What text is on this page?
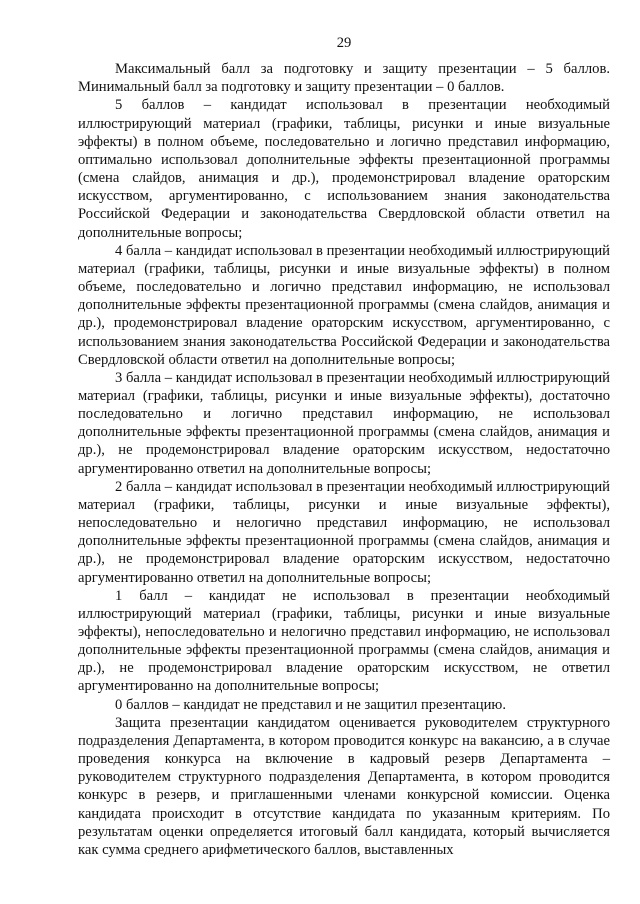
29

Максимальный балл за подготовку и защиту презентации – 5 баллов. Минимальный балл за подготовку и защиту презентации – 0 баллов.

5 баллов – кандидат использовал в презентации необходимый иллюстрирующий материал (графики, таблицы, рисунки и иные визуальные эффекты) в полном объеме, последовательно и логично представил информацию, оптимально использовал дополнительные эффекты презентационной программы (смена слайдов, анимация и др.), продемонстрировал владение ораторским искусством, аргументированно, с использованием знания законодательства Российской Федерации и законодательства Свердловской области ответил на дополнительные вопросы;

4 балла – кандидат использовал в презентации необходимый иллюстрирующий материал (графики, таблицы, рисунки и иные визуальные эффекты) в полном объеме, последовательно и логично представил информацию, не использовал дополнительные эффекты презентационной программы (смена слайдов, анимация и др.), продемонстрировал владение ораторским искусством, аргументированно, с использованием знания законодательства Российской Федерации и законодательства Свердловской области ответил на дополнительные вопросы;

3 балла – кандидат использовал в презентации необходимый иллюстрирующий материал (графики, таблицы, рисунки и иные визуальные эффекты), достаточно последовательно и логично представил информацию, не использовал дополнительные эффекты презентационной программы (смена слайдов, анимация и др.), не продемонстрировал владение ораторским искусством, недостаточно аргументированно ответил на дополнительные вопросы;

2 балла – кандидат использовал в презентации необходимый иллюстрирующий материал (графики, таблицы, рисунки и иные визуальные эффекты), непоследовательно и нелогично представил информацию, не использовал дополнительные эффекты презентационной программы (смена слайдов, анимация и др.), не продемонстрировал владение ораторским искусством, недостаточно аргументированно ответил на дополнительные вопросы;

1 балл – кандидат не использовал в презентации необходимый иллюстрирующий материал (графики, таблицы, рисунки и иные визуальные эффекты), непоследовательно и нелогично представил информацию, не использовал дополнительные эффекты презентационной программы (смена слайдов, анимация и др.), не продемонстрировал владение ораторским искусством, не ответил аргументированно на дополнительные вопросы;

0 баллов – кандидат не представил и не защитил презентацию.

Защита презентации кандидатом оценивается руководителем структурного подразделения Департамента, в котором проводится конкурс на вакансию, а в случае проведения конкурса на включение в кадровый резерв Департамента – руководителем структурного подразделения Департамента, в котором проводится конкурс в резерв, и приглашенными членами конкурсной комиссии. Оценка кандидата происходит в отсутствие кандидата по указанным критериям. По результатам оценки определяется итоговый балл кандидата, который вычисляется как сумма среднего арифметического баллов, выставленных
